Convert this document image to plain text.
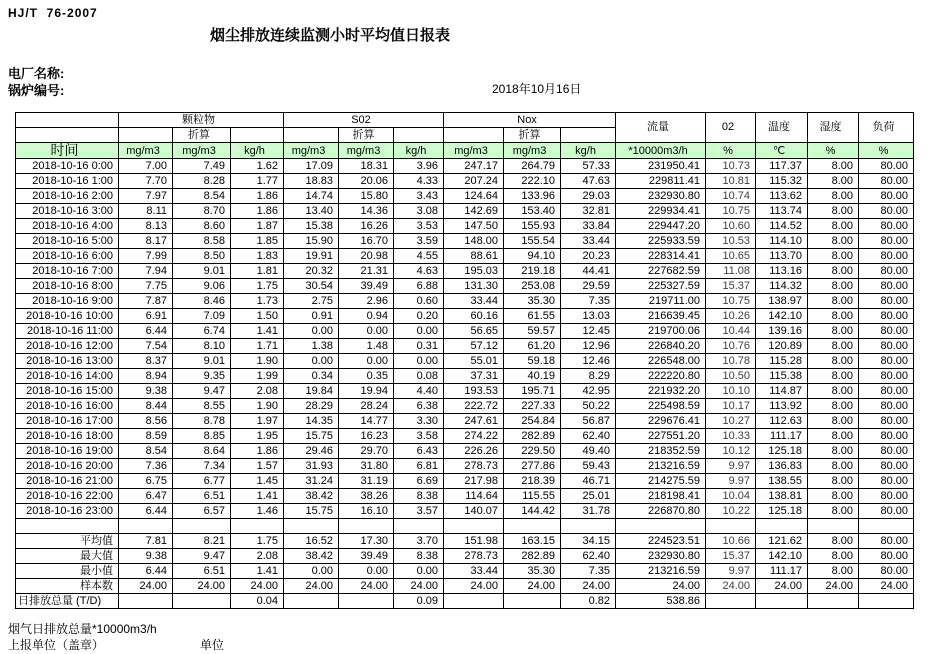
HJ/T  76-2007
烟尘排放连续监测小时平均值日报表
电厂名称:
锅炉编号:	2018年10月16日
	颗粒物			S02			Nox			流量	02	温度	湿度	负荷
		折算			折算			折算						
时间	mg/m3	mg/m3	kg/h	mg/m3	mg/m3	kg/h	mg/m3	mg/m3	kg/h	*10000m3/h	%	℃	%	%
2018-10-16 0:00	7.00	7.49	1.62	17.09	18.31	3.96	247.17	264.79	57.33	231950.41	10.73	117.37	8.00	80.00
2018-10-16 1:00	7.70	8.28	1.77	18.83	20.06	4.33	207.24	222.10	47.63	229811.41	10.81	115.32	8.00	80.00
2018-10-16 2:00	7.97	8.54	1.86	14.74	15.80	3.43	124.64	133.96	29.03	232930.80	10.74	113.62	8.00	80.00
2018-10-16 3:00	8.11	8.70	1.86	13.40	14.36	3.08	142.69	153.40	32.81	229934.41	10.75	113.74	8.00	80.00
2018-10-16 4:00	8.13	8.60	1.87	15.38	16.26	3.53	147.50	155.93	33.84	229447.20	10.60	114.52	8.00	80.00
2018-10-16 5:00	8.17	8.58	1.85	15.90	16.70	3.59	148.00	155.54	33.44	225933.59	10.53	114.10	8.00	80.00
2018-10-16 6:00	7.99	8.50	1.83	19.91	20.98	4.55	88.61	94.10	20.23	228314.41	10.65	113.70	8.00	80.00
2018-10-16 7:00	7.94	9.01	1.81	20.32	21.31	4.63	195.03	219.18	44.41	227682.59	11.08	113.16	8.00	80.00
2018-10-16 8:00	7.75	9.06	1.75	30.54	39.49	6.88	131.30	253.08	29.59	225327.59	15.37	114.32	8.00	80.00
2018-10-16 9:00	7.87	8.46	1.73	2.75	2.96	0.60	33.44	35.30	7.35	219711.00	10.75	138.97	8.00	80.00
2018-10-16 10:00	6.91	7.09	1.50	0.91	0.94	0.20	60.16	61.55	13.03	216639.45	10.26	142.10	8.00	80.00
2018-10-16 11:00	6.44	6.74	1.41	0.00	0.00	0.00	56.65	59.57	12.45	219700.06	10.44	139.16	8.00	80.00
2018-10-16 12:00	7.54	8.10	1.71	1.38	1.48	0.31	57.12	61.20	12.96	226840.20	10.76	120.89	8.00	80.00
2018-10-16 13:00	8.37	9.01	1.90	0.00	0.00	0.00	55.01	59.18	12.46	226548.00	10.78	115.28	8.00	80.00
2018-10-16 14:00	8.94	9.35	1.99	0.34	0.35	0.08	37.31	40.19	8.29	222220.80	10.50	115.38	8.00	80.00
2018-10-16 15:00	9.38	9.47	2.08	19.84	19.94	4.40	193.53	195.71	42.95	221932.20	10.10	114.87	8.00	80.00
2018-10-16 16:00	8.44	8.55	1.90	28.29	28.24	6.38	222.72	227.33	50.22	225498.59	10.17	113.92	8.00	80.00
2018-10-16 17:00	8.56	8.78	1.97	14.35	14.77	3.30	247.61	254.84	56.87	229676.41	10.27	112.63	8.00	80.00
2018-10-16 18:00	8.59	8.85	1.95	15.75	16.23	3.58	274.22	282.89	62.40	227551.20	10.33	111.17	8.00	80.00
2018-10-16 19:00	8.54	8.64	1.86	29.46	29.70	6.43	226.26	229.50	49.40	218352.59	10.12	125.18	8.00	80.00
2018-10-16 20:00	7.36	7.34	1.57	31.93	31.80	6.81	278.73	277.86	59.43	213216.59	9.97	136.83	8.00	80.00
2018-10-16 21:00	6.75	6.77	1.45	31.24	31.19	6.69	217.98	218.39	46.71	214275.59	9.97	138.55	8.00	80.00
2018-10-16 22:00	6.47	6.51	1.41	38.42	38.26	8.38	114.64	115.55	25.01	218198.41	10.04	138.81	8.00	80.00
2018-10-16 23:00	6.44	6.57	1.46	15.75	16.10	3.57	140.07	144.42	31.78	226870.80	10.22	125.18	8.00	80.00

平均值	7.81	8.21	1.75	16.52	17.30	3.70	151.98	163.15	34.15	224523.51	10.66	121.62	8.00	80.00
最大值	9.38	9.47	2.08	38.42	39.49	8.38	278.73	282.89	62.40	232930.80	15.37	142.10	8.00	80.00
最小值	6.44	6.51	1.41	0.00	0.00	0.00	33.44	35.30	7.35	213216.59	9.97	111.17	8.00	80.00
样本数	24.00	24.00	24.00	24.00	24.00	24.00	24.00	24.00	24.00	24.00	24.00	24.00	24.00	24.00
日排放总量 (T/D)			0.04			0.09			0.82	538.86				
烟气日排放总量*10000m3/h
上报单位（盖章）	单位
